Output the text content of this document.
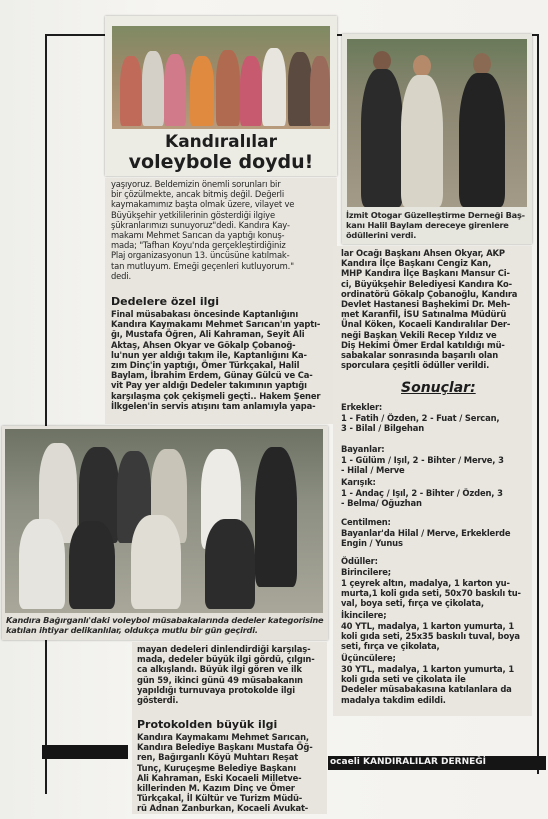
Kandıralılar
voleybole doydu!
İzmit Otogar Güzelleştirme Derneği Baş-
kanı Halil Baylam dereceye girenlere
ödüllerini verdi.
yaşıyoruz. Beldemizin önemli sorunları bir
bir çözülmekte, ancak bitmiş değil. Değerli
kaymakamımız başta olmak üzere, vilayet ve
Büyükşehir yetkililerinin gösterdiği ilgiye
şükranlarımızı sunuyoruz"dedi. Kandıra Kay-
makamı Mehmet Sarıcan da yaptığı konuş-
mada; "Tafhan Koyu'nda gerçekleştirdiğiniz
Plaj organizasyonun 13. üncüsüne katılmak-
tan mutluyum. Emeği geçenleri kutluyorum."
dedi.
Dedelere özel ilgi
Final müsabakası öncesinde Kaptanlığını
Kandıra Kaymakamı Mehmet Sarıcan'ın yaptı-
ğı, Mustafa Öğren, Ali Kahraman, Seyit Ali
Aktaş, Ahsen Okyar ve Gökalp Çobanoğ-
lu'nun yer aldığı takım ile, Kaptanlığını Ka-
zım Dinç'in yaptığı, Ömer Türkçakal, Halil
Baylam, İbrahim Erdem, Günay Gülcü ve Ca-
vit Pay yer aldığı Dedeler takımının yaptığı
karşılaşma çok çekişmeli geçti.. Hakem Şener
İlkgelen'in servis atışını tam anlamıyla yapa-
Kandıra Bağırganlı'daki voleybol müsabakalarında dedeler kategorisine
katılan ihtiyar delikanlılar, oldukça mutlu bir gün geçirdi.
mayan dedeleri dinlendirdiği karşılaş-
mada, dedeler büyük ilgi gördü, çılgın-
ca alkışlandı. Büyük ilgi gören ve ilk
gün 59, ikinci günü 49 müsabakanın
yapıldığı turnuvaya protokolde ilgi
gösterdi.
Protokolden büyük ilgi
Kandıra Kaymakamı Mehmet Sarıcan,
Kandıra Belediye Başkanı Mustafa Öğ-
ren, Bağırganlı Köyü Muhtarı Reşat
Tunç, Kuruçeşme Belediye Başkanı
Ali Kahraman, Eski Kocaeli Milletve-
killerinden M. Kazım Dinç ve Ömer
Türkçakal, İl Kültür ve Turizm Müdü-
rü Adnan Zanburkan, Kocaeli Avukat-
lar Ocağı Başkanı Ahsen Okyar, AKP
Kandıra İlçe Başkanı Cengiz Kan,
MHP Kandıra İlçe Başkanı Mansur Ci-
ci, Büyükşehir Belediyesi Kandıra Ko-
ordinatörü Gökalp Çobanoğlu, Kandıra
Devlet Hastanesi Başhekimi Dr. Meh-
met Karanfil, İSU Satınalma Müdürü
Ünal Köken, Kocaeli Kandıralılar Der-
neği Başkan Vekili Recep Yıldız ve
Diş Hekimi Ömer Erdal katıldığı mü-
sabakalar sonrasında başarılı olan
sporculara çeşitli ödüller verildi.
Sonuçlar:
Erkekler:
1 - Fatih / Özden, 2 - Fuat / Sercan,
3 - Bilal / Bilgehan
Bayanlar:
1 - Gülüm / Işıl, 2 - Bihter / Merve, 3
- Hilal / Merve
Karışık:
1 - Andaç / Işıl, 2 - Bihter / Özden, 3
- Belma/ Oğuzhan
Centilmen:
Bayanlar'da Hilal / Merve, Erkeklerde
Engin / Yunus
Ödüller:
Birincilere;
1 çeyrek altın, madalya, 1 karton yu-
murta,1 koli gıda seti, 50x70 baskılı tu-
val, boya seti, fırça ve çikolata,
İkincilere;
40 YTL, madalya, 1 karton yumurta, 1
koli gıda seti, 25x35 baskılı tuval, boya
seti, fırça ve çikolata,
Üçüncülere;
30 YTL, madalya, 1 karton yumurta, 1
koli gıda seti ve çikolata ile
Dedeler müsabakasına katılanlara da
madalya takdim edildi.
ocaeli KANDIRALILAR DERNEĞİ
